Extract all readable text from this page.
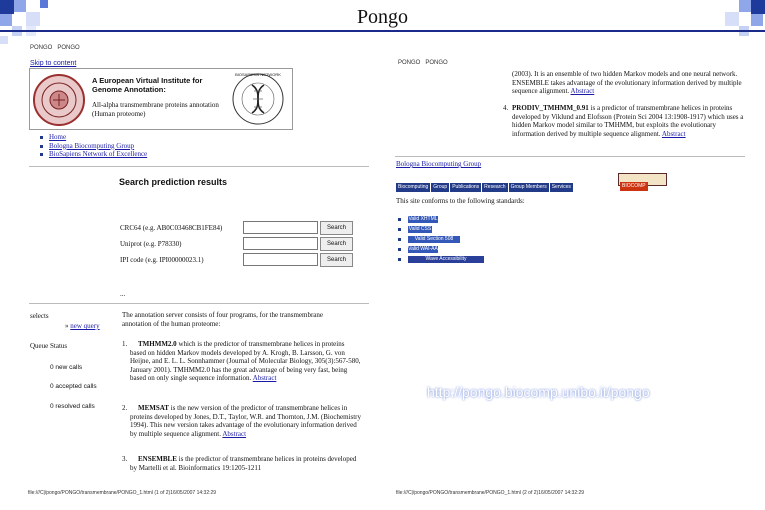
Pongo
PONGO PONGO
Skip to content
A European Virtual Institute for Genome Annotation:
All-alpha transmembrane proteins annotation (Human proteome)
BIOSAPIENS NETWORK
Home
Bologna Biocomputing Group
BioSapiens Network of Excellence
Search prediction results
CRC64 (e.g. AB0C03468CB1FE84)	Search
Uniprot (e.g. P78330)	Search
IPI code (e.g. IPI00000023.1)	Search
...
selects
» new query
Queue Status
0 new calls
0 accepted calls
0 resolved calls
The annotation server consists of four programs, for the transmembrane annotation of the human proteome:
1. TMHMM2.0 which is the predictor of transmembrane helices in proteins based on hidden Markov models developed by A. Krogh, B. Larsson, G. von Heijne, and E. L. L. Sonnhammer (Journal of Molecular Biology, 305(3):567-580, January 2001). TMHMM2.0 has the great advantage of being very fast, being based on only single sequence information. Abstract
2. MEMSAT is the new version of the predictor of transmembrane helices in proteins developed by Jones, D.T., Taylor, W.R. and Thornton, J.M. (Biochemistry 1994). This new version takes advantage of the evolutionary information derived by multiple sequence alignment. Abstract
3. ENSEMBLE is the predictor of transmembrane helices in proteins developed by Martelli et al. Bioinformatics 19:1205-1211
file:///C|/pongo/PONGO/transmembrane/PONGO_1.html (1 of 2)16/05/2007 14:32:29
PONGO PONGO
(2003). It is an ensemble of two hidden Markov models and one neural network. ENSEMBLE takes advantage of the evolutionary information derived by multiple sequence alignment. Abstract
4. PRODIV_TMHMM_0.91 is a predictor of transmembrane helices in proteins developed by Viklund and Elofsson (Protein Sci 2004 13:1908-1917) which uses a hidden Markov model similar to TMHMM, but exploits the evolutionary information derived by multiple sequence alignment. Abstract
Bologna Biocomputing Group
Biocomputing Group Publications Research Group Members Services	BIOCOMP
This site conforms to the following standards:
Valid XHTML
Valid CSS
Valid Section 508
Valid WAI-AA
Wave Accessibility
http://pongo.biocomp.unibo.it/pongo
file:///C|/pongo/PONGO/transmembrane/PONGO_1.html (2 of 2)16/05/2007 14:32:29
